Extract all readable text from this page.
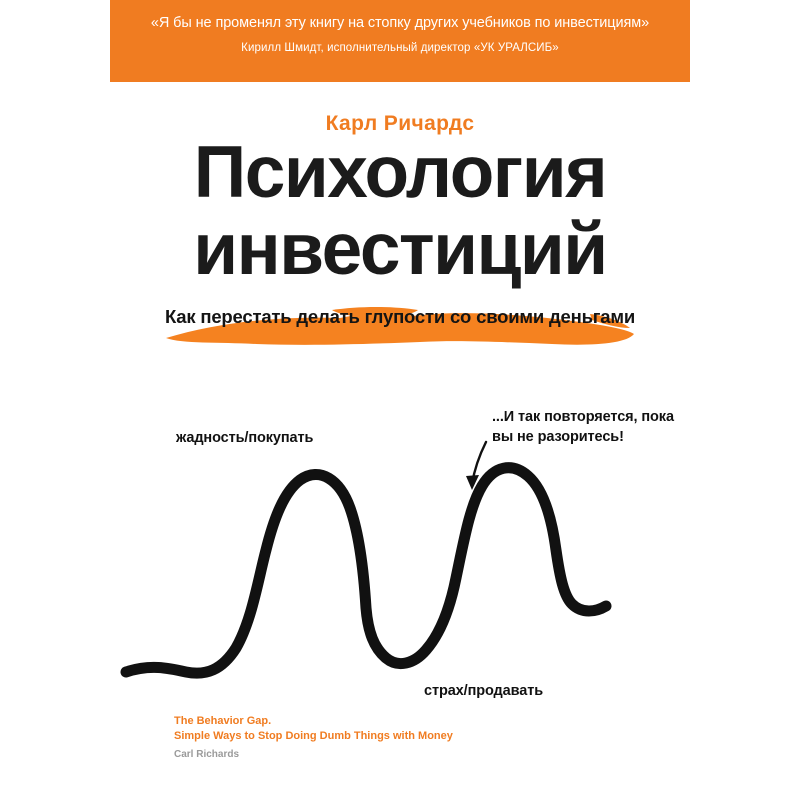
«Я бы не променял эту книгу на стопку других учебников по инвестициям»
Кирилл Шмидт, исполнительный директор «УК УРАЛСИБ»
Карл Ричардс
Психология
инвестиций
Как перестать делать глупости со своими деньгами
жадность/покупать
страх/продавать
...И так повторяется, пока вы не разоритесь!
The Behavior Gap.
Simple Ways to Stop Doing Dumb Things with Money
Carl Richards
